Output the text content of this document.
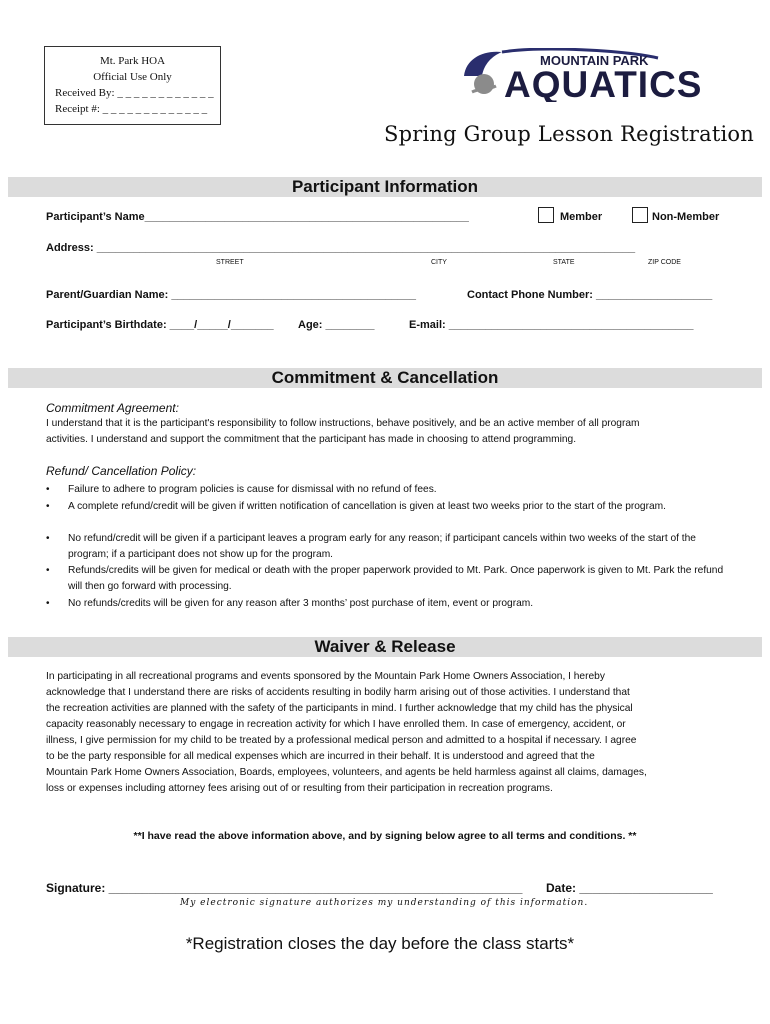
Mt. Park HOA
Official Use Only
Received By: _ _ _ _ _ _ _ _ _ _ _ _
Receipt #: _ _ _ _ _ _ _ _ _ _ _ _ _
MOUNTAIN PARK
AQUATICS
Spring Group Lesson Registration
Participant Information
Participant’s Name_____________________________________________________	Member	Non-Member
Address: ________________________________________________________________________________________
STREET	CITY	STATE	ZIP CODE
Parent/Guardian Name: ________________________________________	Contact Phone Number: ___________________
Participant’s Birthdate: ____/_____/_______ Age: ________	E-mail: ________________________________________
Commitment & Cancellation
Commitment Agreement:
I understand that it is the participant's responsibility to follow instructions, behave positively, and be an active member of all program
activities. I understand and support the commitment that the participant has made in choosing to attend programming.
Refund/ Cancellation Policy:
•	Failure to adhere to program policies is cause for dismissal with no refund of fees.
•	A complete refund/credit will be given if written notification of cancellation is given at least two weeks prior to the start of the program.
•	No refund/credit will be given if a participant leaves a program early for any reason; if participant cancels within two weeks of the start of the program; if a participant does not show up for the program.
•	Refunds/credits will be given for medical or death with the proper paperwork provided to Mt. Park. Once paperwork is given to Mt. Park the refund will then go forward with processing.
•	No refunds/credits will be given for any reason after 3 months’ post purchase of item, event or program.
Waiver & Release
In participating in all recreational programs and events sponsored by the Mountain Park Home Owners Association, I hereby
acknowledge that I understand there are risks of accidents resulting in bodily harm arising out of those activities. I understand that
the recreation activities are planned with the safety of the participants in mind. I further acknowledge that my child has the physical
capacity reasonably necessary to engage in recreation activity for which I have enrolled them. In case of emergency, accident, or
illness, I give permission for my child to be treated by a professional medical person and admitted to a hospital if necessary. I agree
to be the party responsible for all medical expenses which are incurred in their behalf. It is understood and agreed that the
Mountain Park Home Owners Association, Boards, employees, volunteers, and agents be held harmless against all claims, damages,
loss or expenses including attorney fees arising out of or resulting from their participation in recreation programs.
**I have read the above information above, and by signing below agree to all terms and conditions. **
Signature: ______________________________________________________________ Date: ____________________
My electronic signature authorizes my understanding of this information.
*Registration closes the day before the class starts*
